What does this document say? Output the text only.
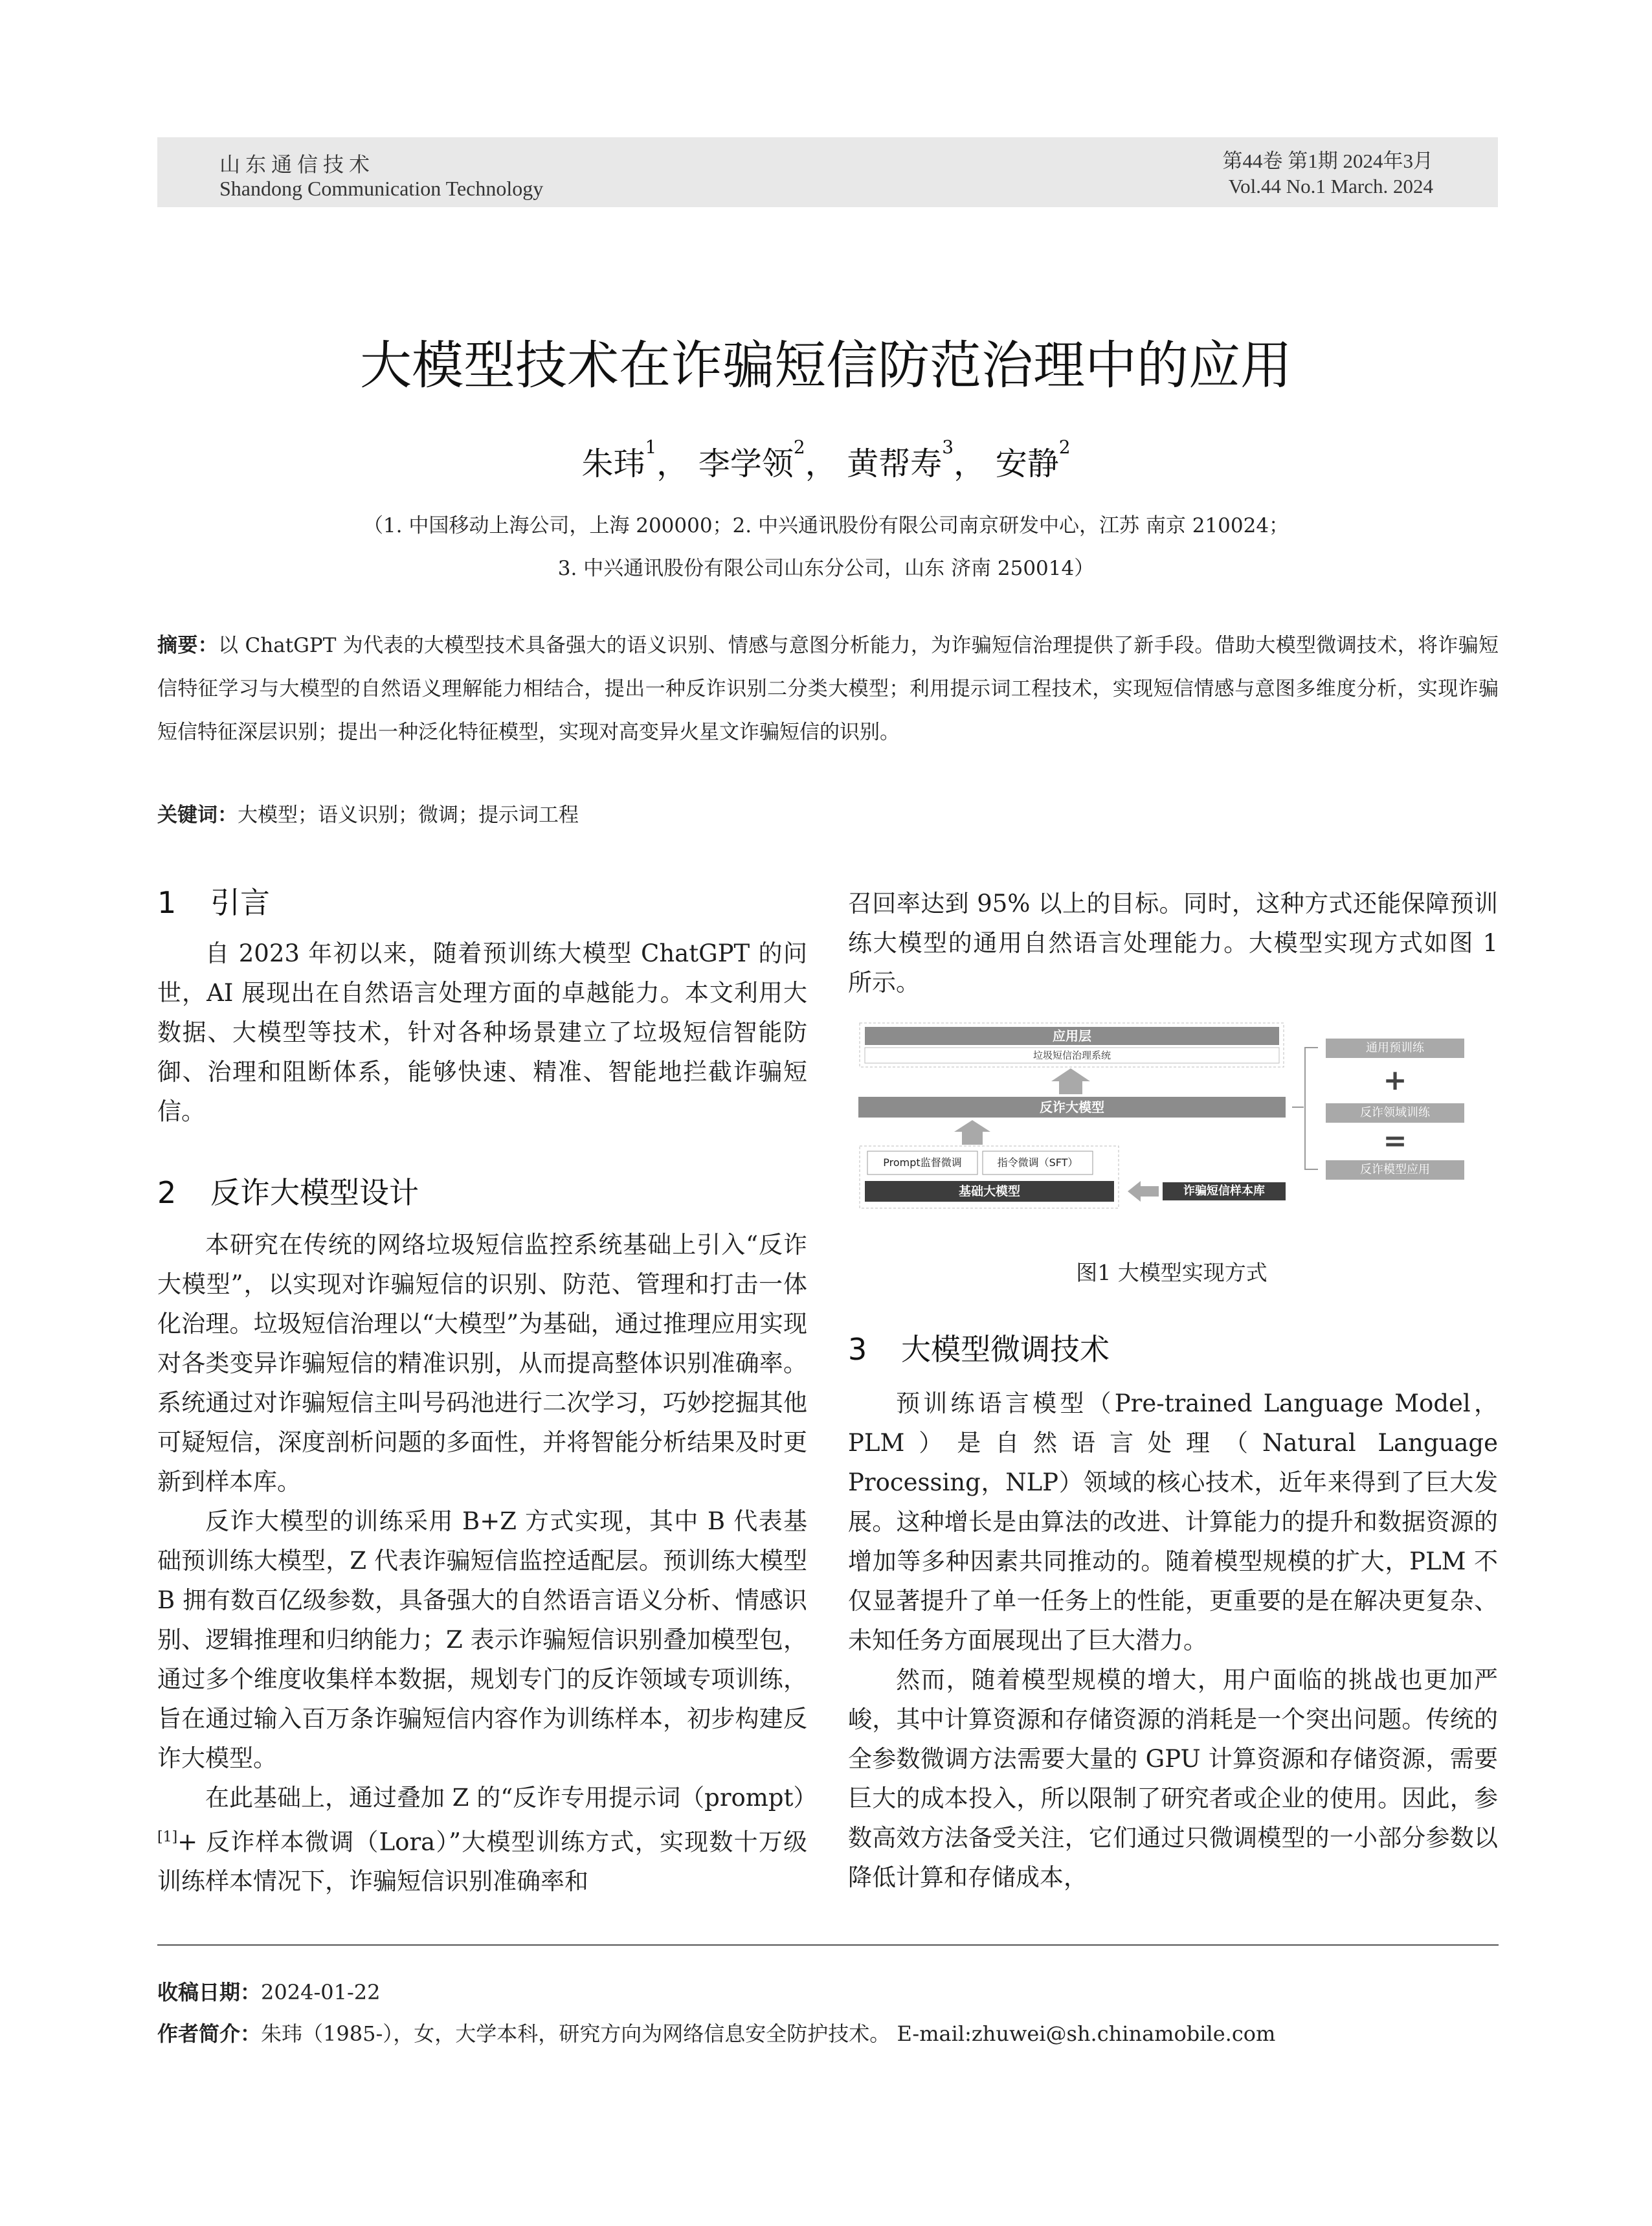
山东通信技术
Shandong Communication Technology
第44卷 第1期 2024年3月
Vol.44 No.1 March. 2024
大模型技术在诈骗短信防范治理中的应用
朱玮$^1$， 李学领$^2$， 黄帮寿$^3$， 安静$^2$
（1. 中国移动上海公司，上海 200000；2. 中兴通讯股份有限公司南京研发中心，江苏 南京 210024；
3. 中兴通讯股份有限公司山东分公司，山东 济南 250014）
摘要：以 ChatGPT 为代表的大模型技术具备强大的语义识别、情感与意图分析能力，为诈骗短信治理提供了新手段。借助大模型微调技术，将诈骗短信特征学习与大模型的自然语义理解能力相结合，提出一种反诈识别二分类大模型；利用提示词工程技术，实现短信情感与意图多维度分析，实现诈骗短信特征深层识别；提出一种泛化特征模型，实现对高变异火星文诈骗短信的识别。
关键词：大模型；语义识别；微调；提示词工程
1 引言

自 2023 年初以来，随着预训练大模型 ChatGPT 的问世，AI 展现出在自然语言处理方面的卓越能力。本文利用大数据、大模型等技术，针对各种场景建立了垃圾短信智能防御、治理和阻断体系，能够快速、精准、智能地拦截诈骗短信。

2 反诈大模型设计

本研究在传统的网络垃圾短信监控系统基础上引入“反诈大模型”，以实现对诈骗短信的识别、防范、管理和打击一体化治理。垃圾短信治理以“大模型”为基础，通过推理应用实现对各类变异诈骗短信的精准识别，从而提高整体识别准确率。系统通过对诈骗短信主叫号码池进行二次学习，巧妙挖掘其他可疑短信，深度剖析问题的多面性，并将智能分析结果及时更新到样本库。

反诈大模型的训练采用 B+Z 方式实现，其中 B 代表基础预训练大模型，Z 代表诈骗短信监控适配层。预训练大模型 B 拥有数百亿级参数，具备强大的自然语言语义分析、情感识别、逻辑推理和归纳能力；Z 表示诈骗短信识别叠加模型包，通过多个维度收集样本数据，规划专门的反诈领域专项训练，旨在通过输入百万条诈骗短信内容作为训练样本，初步构建反诈大模型。

在此基础上，通过叠加 Z 的“反诈专用提示词（prompt）[1]+ 反诈样本微调（Lora）”大模型训练方式，实现数十万级训练样本情况下，诈骗短信识别准确率和

召回率达到 95% 以上的目标。同时，这种方式还能保障预训练大模型的通用自然语言处理能力。大模型实现方式如图 1 所示。

应用层
垃圾短信治理系统
反诈大模型
Prompt监督微调	指令微调（SFT）
基础大模型	诈骗短信样本库
通用预训练
+
反诈领域训练
=
反诈模型应用
图1 大模型实现方式
3 大模型微调技术

预训练语言模型（Pre-trained Language Model，PLM）是自然语言处理（Natural Language Processing，NLP）领域的核心技术，近年来得到了巨大发展。这种增长是由算法的改进、计算能力的提升和数据资源的增加等多种因素共同推动的。随着模型规模的扩大，PLM 不仅显著提升了单一任务上的性能，更重要的是在解决更复杂、未知任务方面展现出了巨大潜力。

然而，随着模型规模的增大，用户面临的挑战也更加严峻，其中计算资源和存储资源的消耗是一个突出问题。传统的全参数微调方法需要大量的 GPU 计算资源和存储资源，需要巨大的成本投入，所以限制了研究者或企业的使用。因此，参数高效方法备受关注，它们通过只微调模型的一小部分参数以降低计算和存储成本，

收稿日期：2024-01-22
作者简介：朱玮（1985-），女，大学本科，研究方向为网络信息安全防护技术。 E-mail:zhuwei@sh.chinamobile.com
